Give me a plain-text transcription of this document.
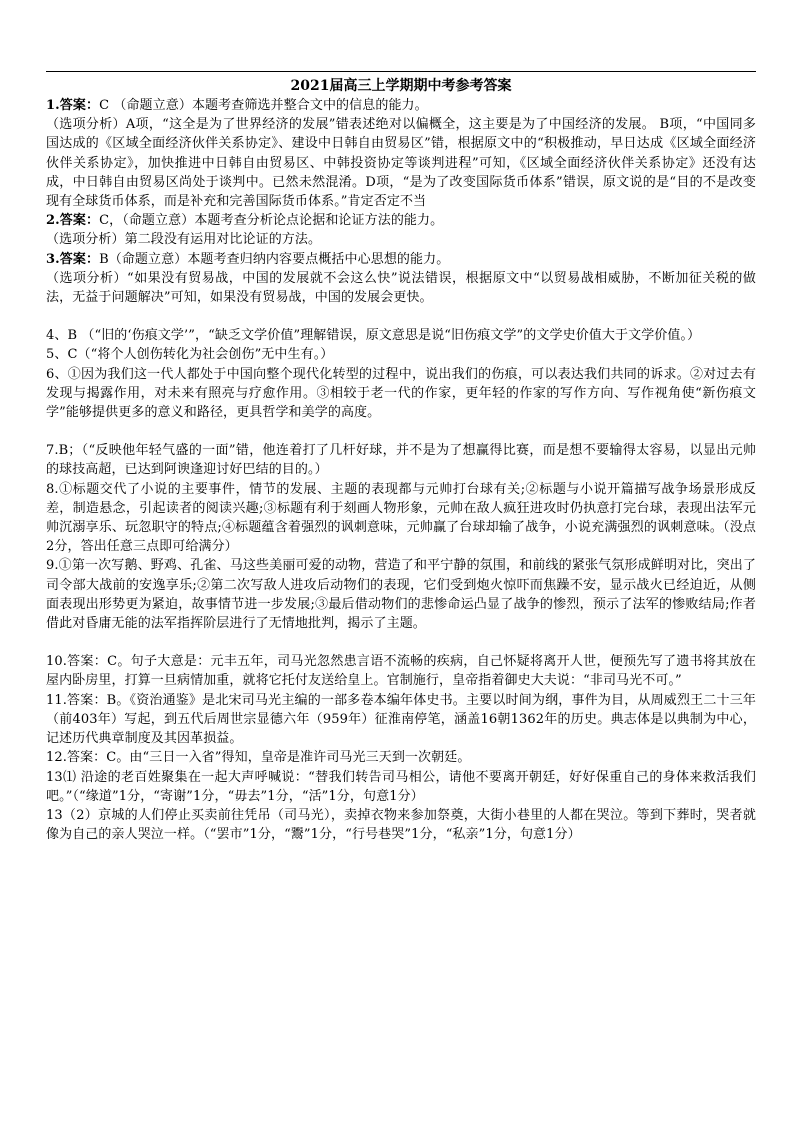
2021届高三上学期期中考参考答案
1.答案：C （命题立意）本题考查筛选并整合文中的信息的能力。
（选项分析）A项，“这全是为了世界经济的发展”错表述绝对以偏概全，这主要是为了中国经济的发展。 B项，“中国同多国达成的《区域全面经济伙伴关系协定》、建设中日韩自由贸易区”错，根据原文中的“积极推动，早日达成《区域全面经济伙伴关系协定》，加快推进中日韩自由贸易区、中韩投资协定等谈判进程”可知，《区域全面经济伙伴关系协定》还没有达成，中日韩自由贸易区尚处于谈判中。已然未然混淆。D项，“是为了改变国际货币体系”错误，原文说的是“目的不是改变现有全球货币体系，而是补充和完善国际货币体系。”肯定否定不当
2.答案：C，（命题立意）本题考查分析论点论据和论证方法的能力。
（选项分析）第二段没有运用对比论证的方法。
3.答案：B（命题立意）本题考查归纳内容要点概括中心思想的能力。
（选项分析）“如果没有贸易战，中国的发展就不会这么快”说法错误，根据原文中“以贸易战相威胁，不断加征关税的做法，无益于问题解决”可知，如果没有贸易战，中国的发展会更快。
4、B （“旧的‘伤痕文学’”，“缺乏文学价值”理解错误，原文意思是说“旧伤痕文学”的文学史价值大于文学价值。）
5、C（“将个人创伤转化为社会创伤”无中生有。）
6、①因为我们这一代人都处于中国向整个现代化转型的过程中，说出我们的伤痕，可以表达我们共同的诉求。②对过去有发现与揭露作用，对未来有照亮与疗愈作用。③相较于老一代的作家，更年轻的作家的写作方向、写作视角使“新伤痕文学”能够提供更多的意义和路径，更具哲学和美学的高度。
7.B；（“反映他年轻气盛的一面”错，他连着打了几杆好球，并不是为了想赢得比赛，而是想不要输得太容易，以显出元帅的球技高超，已达到阿谀逢迎讨好巴结的目的。）
8.①标题交代了小说的主要事件，情节的发展、主题的表现都与元帅打台球有关;②标题与小说开篇描写战争场景形成反差，制造悬念，引起读者的阅读兴趣;③标题有利于刻画人物形象，元帅在敌人疯狂进攻时仍执意打完台球，表现出法军元帅沉溺享乐、玩忽职守的特点;④标题蕴含着强烈的讽刺意味，元帅赢了台球却输了战争，小说充满强烈的讽刺意味。（没点2分，答出任意三点即可给满分）
9.①第一次写鹅、野鸡、孔雀、马这些美丽可爱的动物，营造了和平宁静的氛围，和前线的紧张气氛形成鲜明对比，突出了司令部大战前的安逸享乐;②第二次写敌人进攻后动物们的表现，它们受到炮火惊吓而焦躁不安，显示战火已经迫近，从侧面表现出形势更为紧迫，故事情节进一步发展;③最后借动物们的悲惨命运凸显了战争的惨烈，预示了法军的惨败结局;作者借此对昏庸无能的法军指挥阶层进行了无情地批判，揭示了主题。
10.答案：C。句子大意是：元丰五年，司马光忽然患言语不流畅的疾病，自己怀疑将离开人世，便预先写了遗书将其放在屋内卧房里，打算一旦病情加重，就将它托付友送给皇上。官制施行，皇帝指着御史大夫说：“非司马光不可。”
11.答案：B。《资治通鉴》是北宋司马光主编的一部多卷本编年体史书。主要以时间为纲，事件为目，从周威烈王二十三年（前403年）写起，到五代后周世宗显德六年（959年）征淮南停笔，涵盖16朝1362年的历史。典志体是以典制为中心，记述历代典章制度及其因革损益。
12.答案：C。由“三日一入省”得知，皇帝是准许司马光三天到一次朝廷。
13⑴ 沿途的老百姓聚集在一起大声呼喊说：“替我们转告司马相公，请他不要离开朝廷，好好保重自己的身体来救活我们吧。”（“缘道”1分，“寄谢”1分，“毋去”1分，“活”1分，句意1分）
13（2）京城的人们停止买卖前往凭吊（司马光），卖掉衣物来参加祭奠，大街小巷里的人都在哭泣。等到下葬时，哭者就像为自己的亲人哭泣一样。（“罢市”1分，“鬻”1分，“行号巷哭”1分，“私亲”1分，句意1分）
